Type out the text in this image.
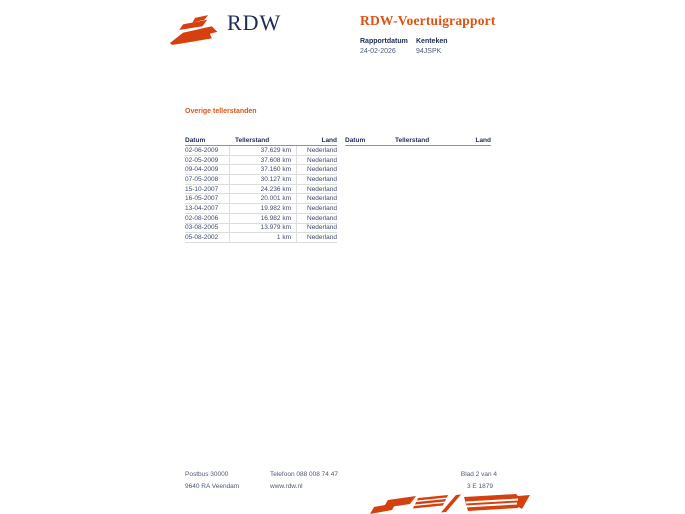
RDW	RDW-Voertuigrapport
Rapportdatum
24-02-2026
Kenteken
94JSPK
Overige tellerstanden
Datum	Tellerstand	Land
02-06-2009	37.629 km	Nederland
02-05-2009	37.608 km	Nederland
09-04-2009	37.160 km	Nederland
07-05-2008	30.127 km	Nederland
15-10-2007	24.236 km	Nederland
16-05-2007	20.001 km	Nederland
13-04-2007	19.982 km	Nederland
02-08-2006	16.982 km	Nederland
03-08-2005	13.979 km	Nederland
05-08-2002	1 km	Nederland
Datum	Tellerstand	Land
Postbus 30000
9640 RA Veendam
Telefoon 088 008 74 47
www.rdw.nl
Blad 2 van 4
3 E 1879
